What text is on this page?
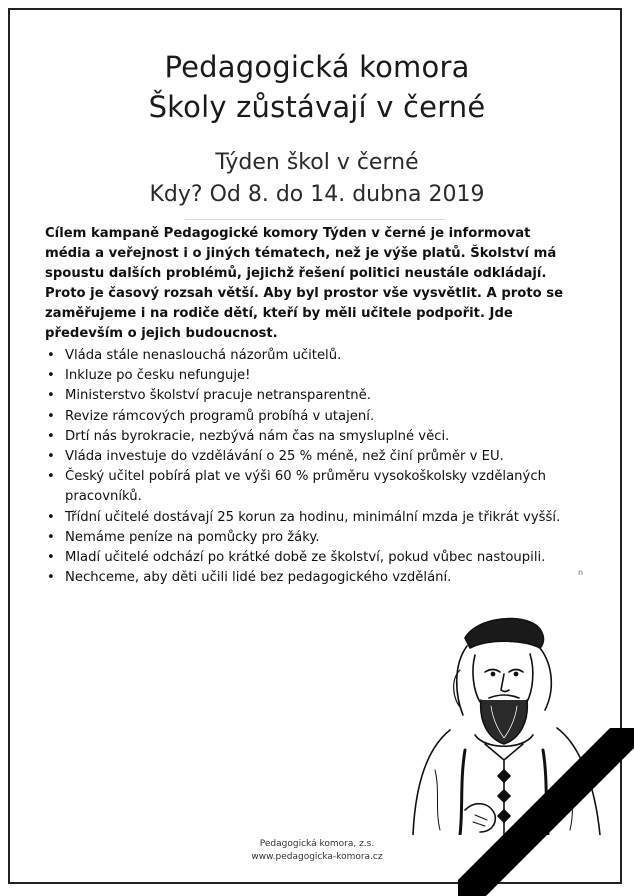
Pedagogická komora
Školy zůstávají v černé
Týden škol v černé
Kdy? Od 8. do 14. dubna 2019
Cílem kampaně Pedagogické komory Týden v černé je informovat média a veřejnost i o jiných tématech, než je výše platů. Školství má spoustu dalších problémů, jejichž řešení politici neustále odkládají. Proto je časový rozsah větší. Aby byl prostor vše vysvětlit. A proto se zaměřujeme i na rodiče dětí, kteří by měli učitele podpořit. Jde především o jejich budoucnost.
• Vláda stále nenaslouchá názorům učitelů.
• Inkluze po česku nefunguje!
• Ministerstvo školství pracuje netransparentně.
• Revize rámcových programů probíhá v utajení.
• Drtí nás byrokracie, nezbývá nám čas na smysluplné věci.
• Vláda investuje do vzdělávání o 25 % méně, než činí průměr v EU.
• Český učitel pobírá plat ve výši 60 % průměru vysokoškolsky vzdělaných pracovníků.
• Třídní učitelé dostávají 25 korun za hodinu, minimální mzda je třikrát vyšší.
• Nemáme peníze na pomůcky pro žáky.
• Mladí učitelé odchází po krátké době ze školství, pokud vůbec nastoupili.
• Nechceme, aby děti učili lidé bez pedagogického vzdělání.	n
Pedagogická komora, z.s.
www.pedagogicka-komora.cz
